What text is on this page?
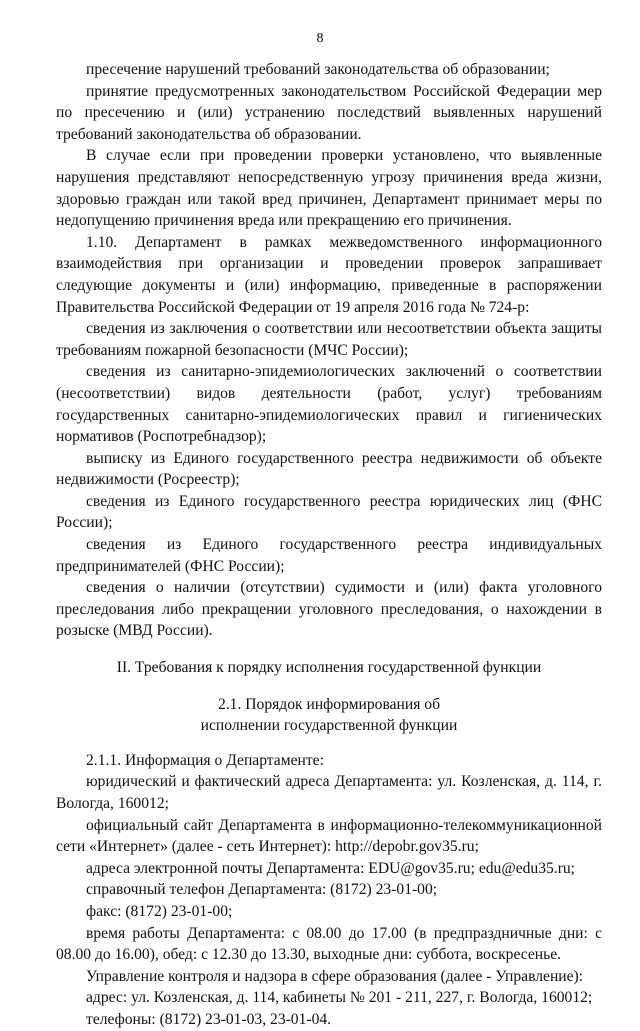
8

пресечение нарушений требований законодательства об образовании;

принятие предусмотренных законодательством Российской Федерации мер по пресечению и (или) устранению последствий выявленных нарушений требований законодательства об образовании.

В случае если при проведении проверки установлено, что выявленные нарушения представляют непосредственную угрозу причинения вреда жизни, здоровью граждан или такой вред причинен, Департамент принимает меры по недопущению причинения вреда или прекращению его причинения.

1.10. Департамент в рамках межведомственного информационного взаимодействия при организации и проведении проверок запрашивает следующие документы и (или) информацию, приведенные в распоряжении Правительства Российской Федерации от 19 апреля 2016 года № 724-р:

сведения из заключения о соответствии или несоответствии объекта защиты требованиям пожарной безопасности (МЧС России);

сведения из санитарно-эпидемиологических заключений о соответствии (несоответствии) видов деятельности (работ, услуг) требованиям государственных санитарно-эпидемиологических правил и гигиенических нормативов (Роспотребнадзор);

выписку из Единого государственного реестра недвижимости об объекте недвижимости (Росреестр);

сведения из Единого государственного реестра юридических лиц (ФНС России);

сведения из Единого государственного реестра индивидуальных предпринимателей (ФНС России);

сведения о наличии (отсутствии) судимости и (или) факта уголовного преследования либо прекращении уголовного преследования, о нахождении в розыске (МВД России).

II. Требования к порядку исполнения государственной функции

2.1. Порядок информирования об

исполнении государственной функции

2.1.1. Информация о Департаменте:

юридический и фактический адреса Департамента: ул. Козленская, д. 114, г. Вологда, 160012;

официальный сайт Департамента в информационно-телекоммуникационной сети «Интернет» (далее - сеть Интернет): http://depobr.gov35.ru;

адреса электронной почты Департамента: EDU@gov35.ru; edu@edu35.ru;

справочный телефон Департамента: (8172) 23-01-00;

факс: (8172) 23-01-00;

время работы Департамента: с 08.00 до 17.00 (в предпраздничные дни: с 08.00 до 16.00), обед: с 12.30 до 13.30, выходные дни: суббота, воскресенье.

Управление контроля и надзора в сфере образования (далее - Управление):

адрес: ул. Козленская, д. 114, кабинеты № 201 - 211, 227, г. Вологда, 160012;

телефоны: (8172) 23-01-03, 23-01-04.
